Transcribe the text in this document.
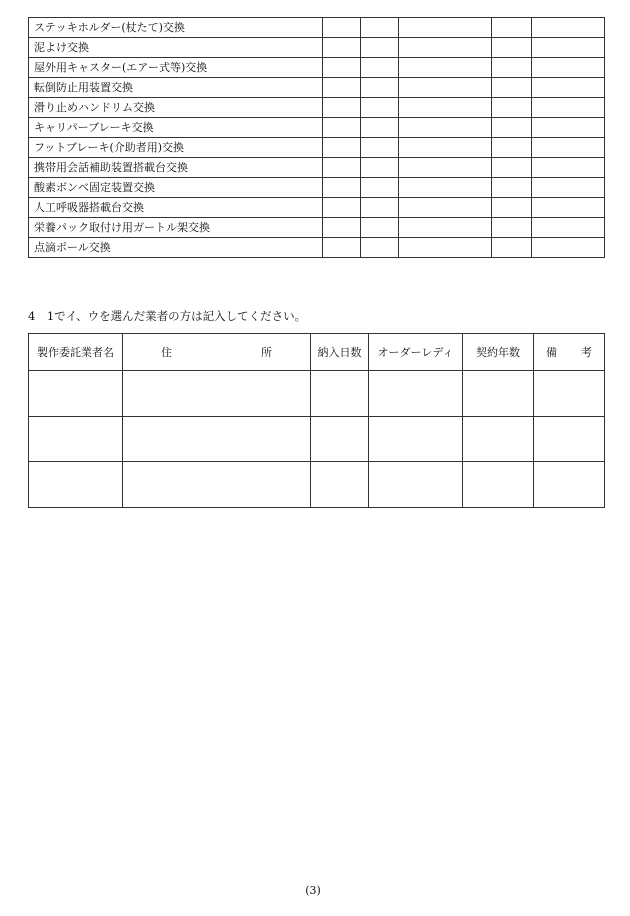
ステッキホルダー(杖たて)交換					
泥よけ交換					
屋外用キャスター(エアー式等)交換					
転倒防止用装置交換					
滑り止めハンドリム交換					
キャリパーブレーキ交換					
フットブレーキ(介助者用)交換					
携帯用会話補助装置搭載台交換					
酸素ボンベ固定装置交換					
人工呼吸器搭載台交換					
栄養パック取付け用ガートル架交換					
点滴ポール交換					
4　1でイ、ウを選んだ業者の方は記入してください。
製作委託業者名	住 所	納入日数	オーダーレディ	契約年数	備 考

(3)
